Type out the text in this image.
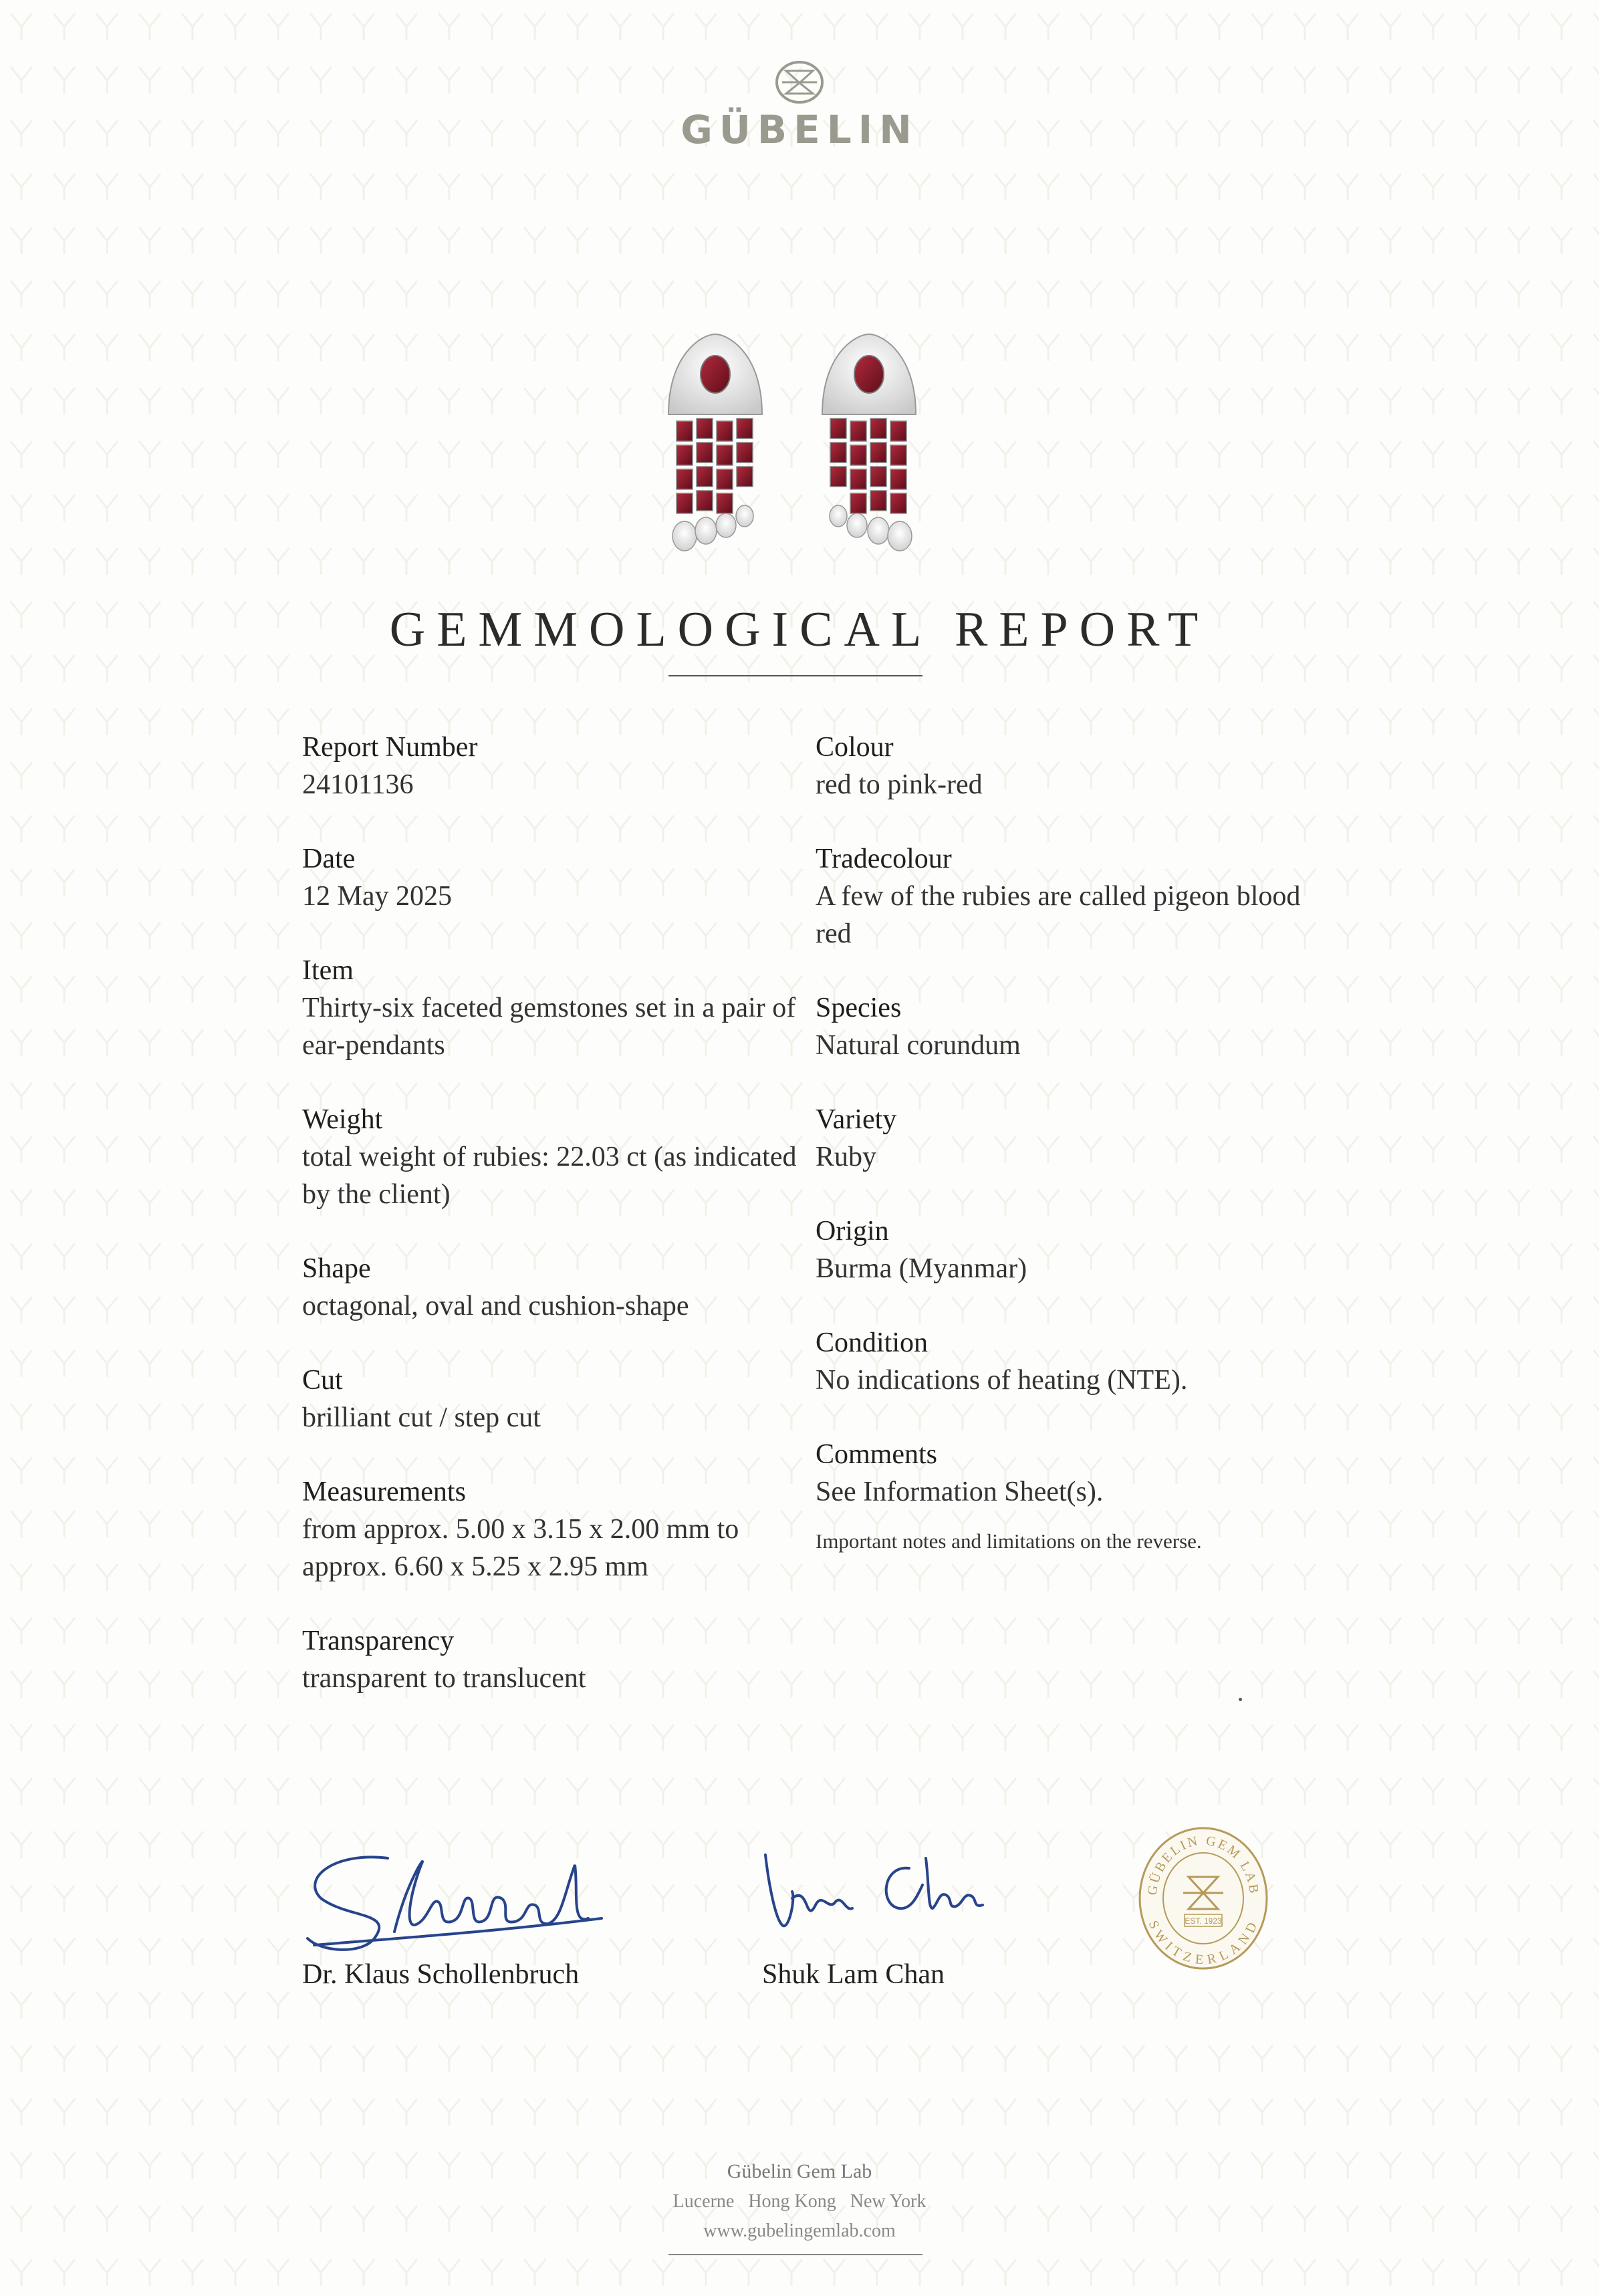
GÜBELIN
GEMMOLOGICAL REPORT
Report Number
24101136
Date
12 May 2025
Item
Thirty-six faceted gemstones set in a pair of ear-pendants
Weight
total weight of rubies: 22.03 ct (as indicated by the client)
Shape
octagonal, oval and cushion-shape
Cut
brilliant cut / step cut
Measurements
from approx. 5.00 x 3.15 x 2.00 mm to approx. 6.60 x 5.25 x 2.95 mm
Transparency
transparent to translucent
Colour
red to pink-red
Tradecolour
A few of the rubies are called pigeon blood red
Species
Natural corundum
Variety
Ruby
Origin
Burma (Myanmar)
Condition
No indications of heating (NTE).
Comments
See Information Sheet(s).
Important notes and limitations on the reverse.
Dr. Klaus Schollenbruch	Shuk Lam Chan
GÜBELIN GEM LAB
SWITZERLAND
EST. 1923
Gübelin Gem Lab
Lucerne   Hong Kong   New York
www.gubelingemlab.com
